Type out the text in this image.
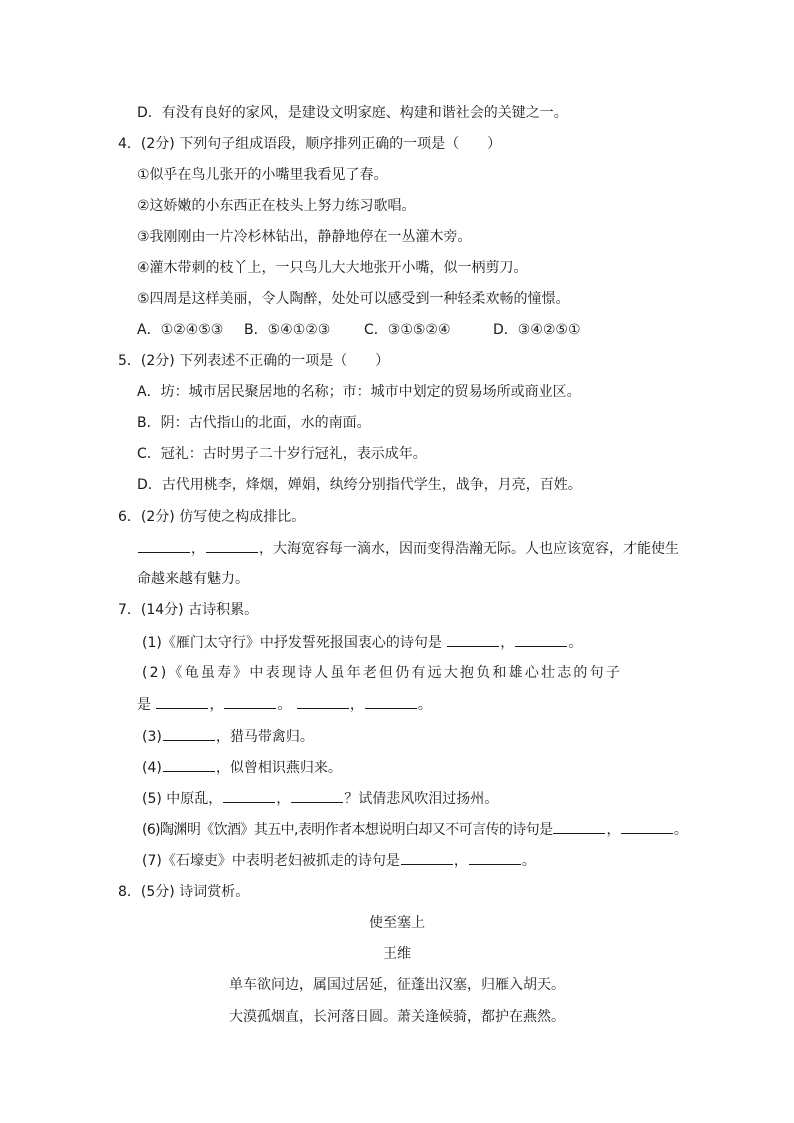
D．有没有良好的家风，是建设文明家庭、构建和谐社会的关键之一。
4．(2分) 下列句子组成语段，顺序排列正确的一项是（　　）
①似乎在鸟儿张开的小嘴里我看见了春。
②这娇嫩的小东西正在枝头上努力练习歌唱。
③我刚刚由一片冷杉林钻出，静静地停在一丛灌木旁。
④灌木带刺的枝丫上，一只鸟儿大大地张开小嘴，似一柄剪刀。
⑤四周是这样美丽，令人陶醉，处处可以感受到一种轻柔欢畅的憧憬。
A．①②④⑤③ B．⑤④①②③ C．③①⑤②④	D．③④②⑤①
5．(2分) 下列表述不正确的一项是（　　）
A．坊：城市居民聚居地的名称；市：城市中划定的贸易场所或商业区。
B．阴：古代指山的北面，水的南面。
C．冠礼：古时男子二十岁行冠礼，表示成年。
D．古代用桃李，烽烟，婵娟，纨绔分别指代学生，战争，月亮，百姓。
6．(2分) 仿写使之构成排比。
，	，大海宽容每一滴水，因而变得浩瀚无际。人也应该宽容，才能使生
命越来越有魅力。
7．(14分) 古诗积累。
(1)《雁门太守行》中抒发誓死报国衷心的诗句是	，	。
(2)《龟虽寿》中表现诗人虽年老但仍有远大抱负和雄心壮志的句子
是	，	。	，	。
(3)	，猎马带禽归。
(4)	，似曾相识燕归来。
(5) 中原乱，	，	？试倩悲风吹泪过扬州。
(6)陶渊明《饮酒》其五中,表明作者本想说明白却又不可言传的诗句是	，	。
(7)《石壕吏》中表明老妇被抓走的诗句是	，	。
8．(5分) 诗词赏析。
使至塞上
王维
单车欲问边，属国过居延，征蓬出汉塞，归雁入胡天。
大漠孤烟直，长河落日圆。萧关逢候骑，都护在燕然。
